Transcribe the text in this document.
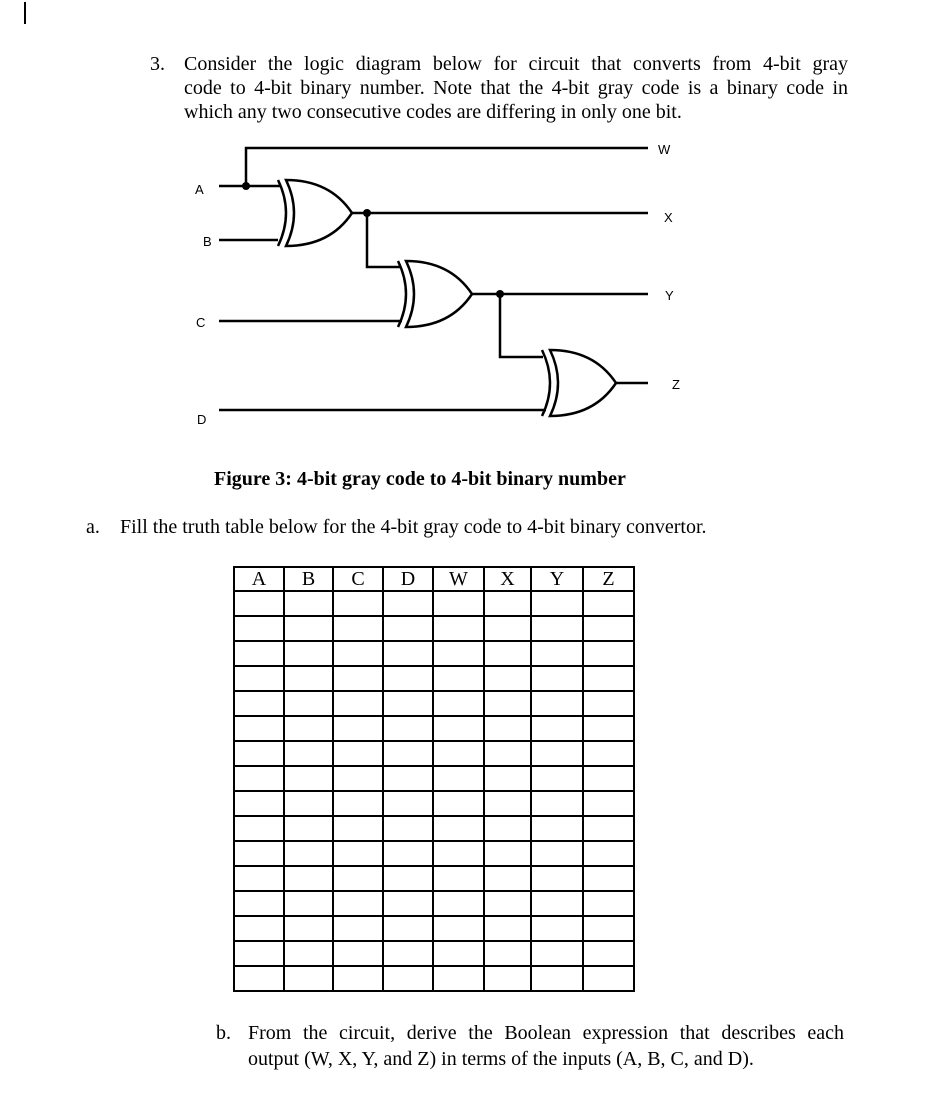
3. Consider the logic diagram below for circuit that converts from 4-bit gray
code to 4-bit binary number. Note that the 4-bit gray code is a binary code in
which any two consecutive codes are differing in only one bit.
A
B
C
D
W
X
Y
Z
Figure 3: 4-bit gray code to 4-bit binary number
a. Fill the truth table below for the 4-bit gray code to 4-bit binary convertor.
A	B	C	D	W	X	Y	Z

b. From the circuit, derive the Boolean expression that describes each
output (W, X, Y, and Z) in terms of the inputs (A, B, C, and D).
